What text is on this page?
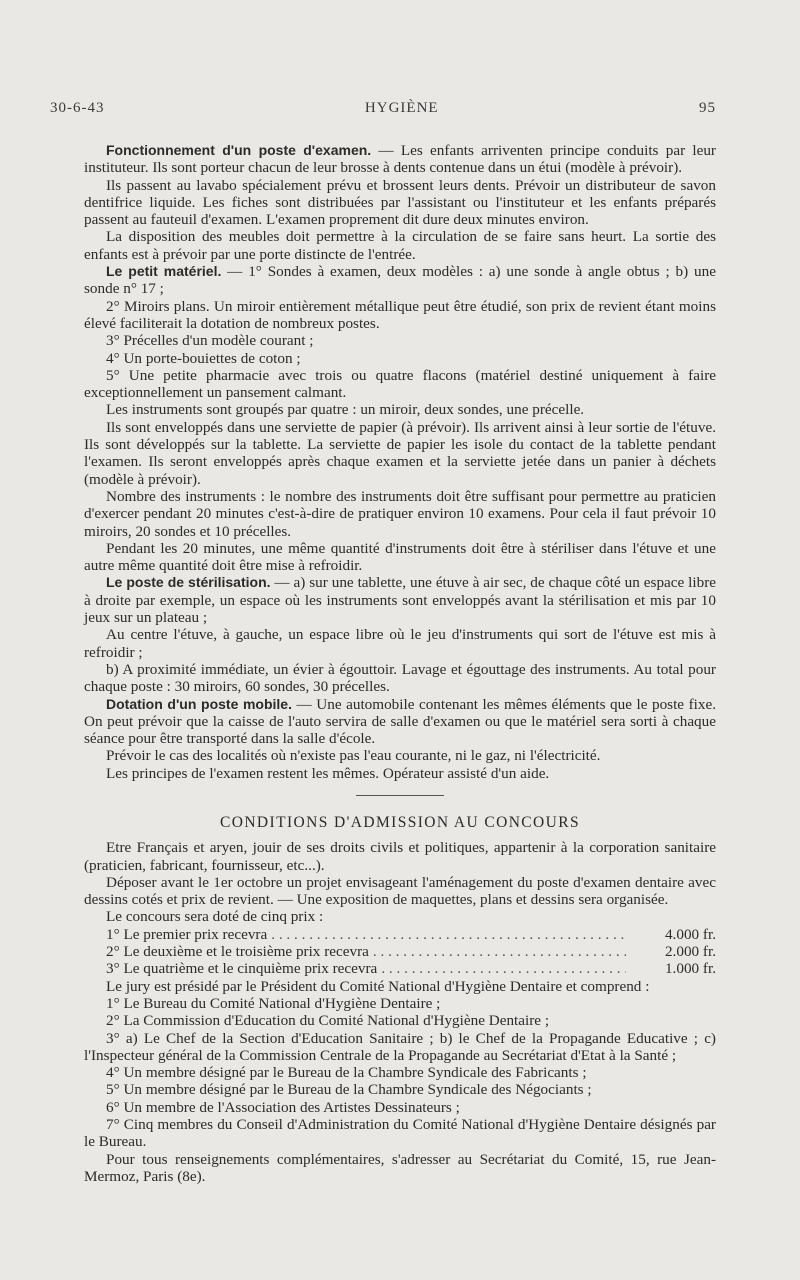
30-6-43	HYGIÈNE	95

Fonctionnement d'un poste d'examen. — Les enfants arriventen principe conduits par leur instituteur. Ils sont porteur chacun de leur brosse à dents contenue dans un étui (modèle à prévoir).

Ils passent au lavabo spécialement prévu et brossent leurs dents. Prévoir un distributeur de savon dentifrice liquide. Les fiches sont distribuées par l'assistant ou l'instituteur et les enfants préparés passent au fauteuil d'examen. L'examen proprement dit dure deux minutes environ.

La disposition des meubles doit permettre à la circulation de se faire sans heurt. La sortie des enfants est à prévoir par une porte distincte de l'entrée.

Le petit matériel. — 1° Sondes à examen, deux modèles : a) une sonde à angle obtus ; b) une sonde n° 17 ;

2° Miroirs plans. Un miroir entièrement métallique peut être étudié, son prix de revient étant moins élevé faciliterait la dotation de nombreux postes.

3° Précelles d'un modèle courant ;

4° Un porte-bouiettes de coton ;

5° Une petite pharmacie avec trois ou quatre flacons (matériel destiné uniquement à faire exceptionnellement un pansement calmant.

Les instruments sont groupés par quatre : un miroir, deux sondes, une précelle.

Ils sont enveloppés dans une serviette de papier (à prévoir). Ils arrivent ainsi à leur sortie de l'étuve. Ils sont développés sur la tablette. La serviette de papier les isole du contact de la tablette pendant l'examen. Ils seront enveloppés après chaque examen et la serviette jetée dans un panier à déchets (modèle à prévoir).

Nombre des instruments : le nombre des instruments doit être suffisant pour permettre au praticien d'exercer pendant 20 minutes c'est-à-dire de pratiquer environ 10 examens. Pour cela il faut prévoir 10 miroirs, 20 sondes et 10 précelles.

Pendant les 20 minutes, une même quantité d'instruments doit être à stériliser dans l'étuve et une autre même quantité doit être mise à refroidir.

Le poste de stérilisation. — a) sur une tablette, une étuve à air sec, de chaque côté un espace libre à droite par exemple, un espace où les instruments sont enveloppés avant la stérilisation et mis par 10 jeux sur un plateau ;

Au centre l'étuve, à gauche, un espace libre où le jeu d'instruments qui sort de l'étuve est mis à refroidir ;

b) A proximité immédiate, un évier à égouttoir. Lavage et égouttage des instruments. Au total pour chaque poste : 30 miroirs, 60 sondes, 30 précelles.

Dotation d'un poste mobile. — Une automobile contenant les mêmes éléments que le poste fixe. On peut prévoir que la caisse de l'auto servira de salle d'examen ou que le matériel sera sorti à chaque séance pour être transporté dans la salle d'école.

Prévoir le cas des localités où n'existe pas l'eau courante, ni le gaz, ni l'électricité.

Les principes de l'examen restent les mêmes. Opérateur assisté d'un aide.

CONDITIONS D'ADMISSION AU CONCOURS

Etre Français et aryen, jouir de ses droits civils et politiques, appartenir à la corporation sanitaire (praticien, fabricant, fournisseur, etc...).

Déposer avant le 1er octobre un projet envisageant l'aménagement du poste d'examen dentaire avec dessins cotés et prix de revient. — Une exposition de maquettes, plans et dessins sera organisée.

Le concours sera doté de cinq prix :

1° Le premier prix recevra . . .	4.000 fr.
2° Le deuxième et le troisième prix recevra . . .	2.000 fr.
3° Le quatrième et le cinquième prix recevra . . .	1.000 fr.

Le jury est présidé par le Président du Comité National d'Hygiène Dentaire et comprend :

1° Le Bureau du Comité National d'Hygiène Dentaire ;

2° La Commission d'Education du Comité National d'Hygiène Dentaire ;

3° a) Le Chef de la Section d'Education Sanitaire ; b) le Chef de la Propagande Educative ; c) l'Inspecteur général de la Commission Centrale de la Propagande au Secrétariat d'Etat à la Santé ;

4° Un membre désigné par le Bureau de la Chambre Syndicale des Fabricants ;

5° Un membre désigné par le Bureau de la Chambre Syndicale des Négociants ;

6° Un membre de l'Association des Artistes Dessinateurs ;

7° Cinq membres du Conseil d'Administration du Comité National d'Hygiène Dentaire désignés par le Bureau.

Pour tous renseignements complémentaires, s'adresser au Secrétariat du Comité, 15, rue Jean-Mermoz, Paris (8e).
